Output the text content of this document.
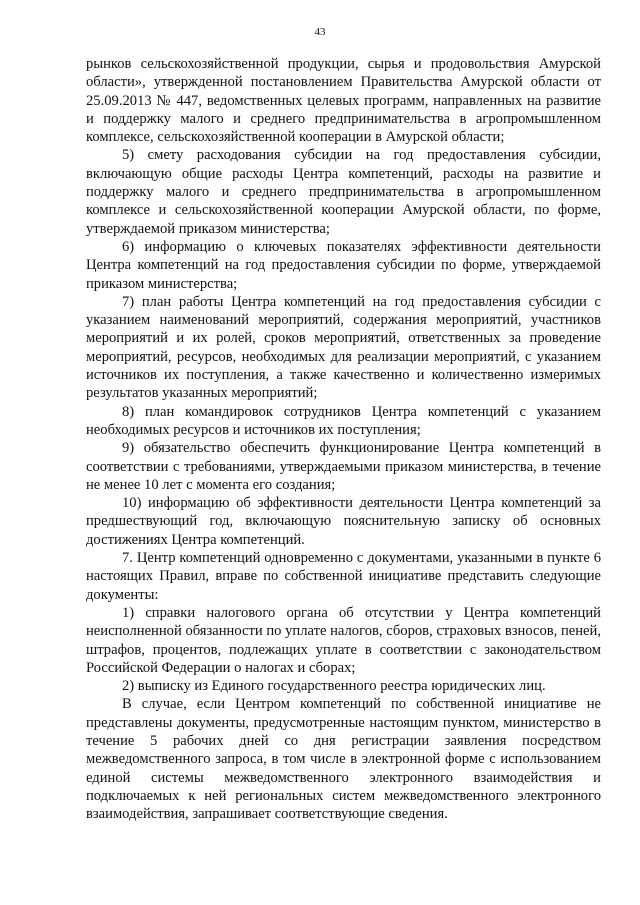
43

рынков сельскохозяйственной продукции, сырья и продовольствия Амурской области», утвержденной постановлением Правительства Амурской области от 25.09.2013 № 447, ведомственных целевых программ, направленных на развитие и поддержку малого и среднего предпринимательства в агропромышленном комплексе, сельскохозяйственной кооперации в Амурской области;

5) смету расходования субсидии на год предоставления субсидии, включающую общие расходы Центра компетенций, расходы на развитие и поддержку малого и среднего предпринимательства в агропромышленном комплексе и сельскохозяйственной кооперации Амурской области, по форме, утверждаемой приказом министерства;

6) информацию о ключевых показателях эффективности деятельности Центра компетенций на год предоставления субсидии по форме, утверждаемой приказом министерства;

7) план работы Центра компетенций на год предоставления субсидии с указанием наименований мероприятий, содержания мероприятий, участников мероприятий и их ролей, сроков мероприятий, ответственных за проведение мероприятий, ресурсов, необходимых для реализации мероприятий, с указанием источников их поступления, а также качественно и количественно измеримых результатов указанных мероприятий;

8) план командировок сотрудников Центра компетенций с указанием необходимых ресурсов и источников их поступления;

9) обязательство обеспечить функционирование Центра компетенций в соответствии с требованиями, утверждаемыми приказом министерства, в течение не менее 10 лет с момента его создания;

10) информацию об эффективности деятельности Центра компетенций за предшествующий год, включающую пояснительную записку об основных достижениях Центра компетенций.

7. Центр компетенций одновременно с документами, указанными в пункте 6 настоящих Правил, вправе по собственной инициативе представить следующие документы:

1) справки налогового органа об отсутствии у Центра компетенций неисполненной обязанности по уплате налогов, сборов, страховых взносов, пеней, штрафов, процентов, подлежащих уплате в соответствии с законодательством Российской Федерации о налогах и сборах;

2) выписку из Единого государственного реестра юридических лиц.

В случае, если Центром компетенций по собственной инициативе не представлены документы, предусмотренные настоящим пунктом, министерство в течение 5 рабочих дней со дня регистрации заявления посредством межведомственного запроса, в том числе в электронной форме с использованием единой системы межведомственного электронного взаимодействия и подключаемых к ней региональных систем межведомственного электронного взаимодействия, запрашивает соответствующие сведения.
